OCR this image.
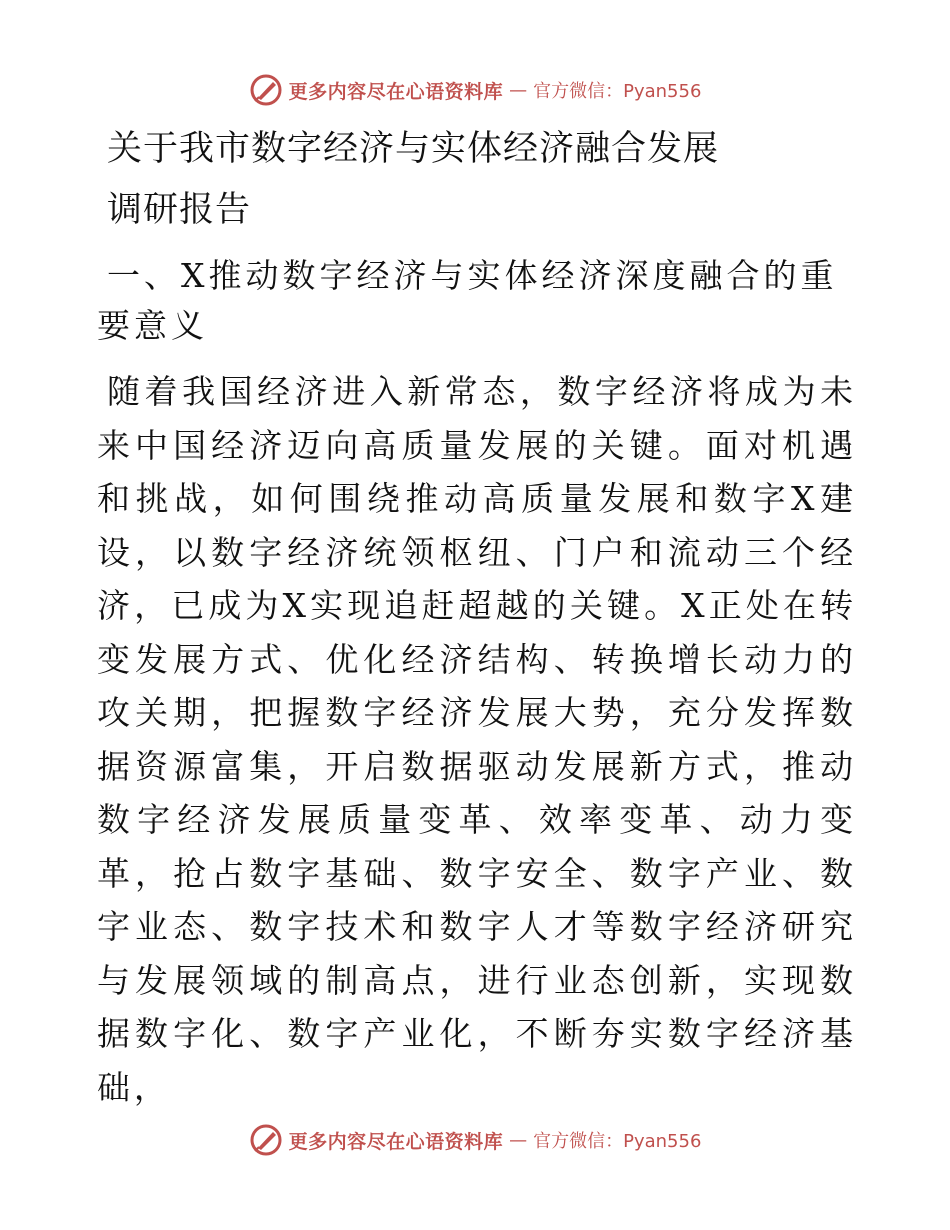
更多内容尽在心语资料库 — 官方微信：Pyan556

关于我市数字经济与实体经济融合发展

调研报告

一、X推动数字经济与实体经济深度融合的重要意义

随着我国经济进入新常态，数字经济将成为未来中国经济迈向高质量发展的关键。面对机遇和挑战，如何围绕推动高质量发展和数字X建设，以数字经济统领枢纽、门户和流动三个经济，已成为X实现追赶超越的关键。X正处在转变发展方式、优化经济结构、转换增长动力的攻关期，把握数字经济发展大势，充分发挥数据资源富集，开启数据驱动发展新方式，推动数字经济发展质量变革、效率变革、动力变革，抢占数字基础、数字安全、数字产业、数字业态、数字技术和数字人才等数字经济研究与发展领域的制高点，进行业态创新，实现数据数字化、数字产业化，不断夯实数字经济基础，

更多内容尽在心语资料库 — 官方微信：Pyan556
